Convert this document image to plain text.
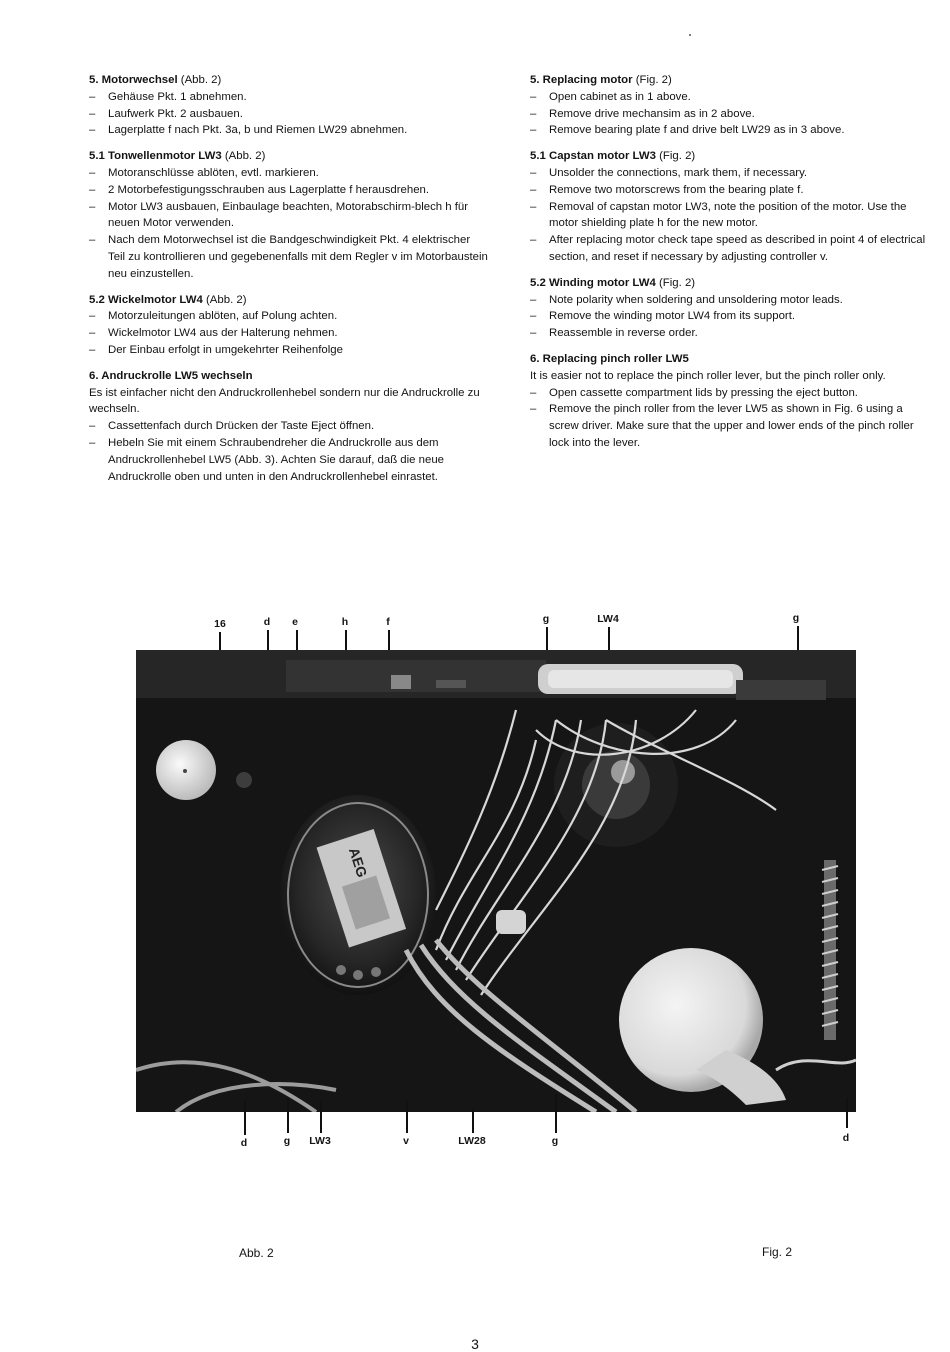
5. Motorwechsel (Abb. 2)
– Gehäuse Pkt. 1 abnehmen.
– Laufwerk Pkt. 2 ausbauen.
– Lagerplatte f nach Pkt. 3a, b und Riemen LW29 abnehmen.
5.1 Tonwellenmotor LW3 (Abb. 2)
– Motoranschlüsse ablöten, evtl. markieren.
– 2 Motorbefestigungsschrauben aus Lagerplatte f herausdrehen.
– Motor LW3 ausbauen, Einbaulage beachten, Motorabschirm-blech h für neuen Motor verwenden.
– Nach dem Motorwechsel ist die Bandgeschwindigkeit Pkt. 4 elektrischer Teil zu kontrollieren und gegebenenfalls mit dem Regler v im Motorbaustein neu einzustellen.
5.2 Wickelmotor LW4 (Abb. 2)
– Motorzuleitungen ablöten, auf Polung achten.
– Wickelmotor LW4 aus der Halterung nehmen.
– Der Einbau erfolgt in umgekehrter Reihenfolge
6. Andruckrolle LW5 wechseln
Es ist einfacher nicht den Andruckrollenhebel sondern nur die Andruckrolle zu wechseln.
– Cassettenfach durch Drücken der Taste Eject öffnen.
– Hebeln Sie mit einem Schraubendreher die Andruckrolle aus dem Andruckrollenhebel LW5 (Abb. 3). Achten Sie darauf, daß die neue Andruckrolle oben und unten in den Andruckrollenhebel einrastet.
5. Replacing motor (Fig. 2)
– Open cabinet as in 1 above.
– Remove drive mechansim as in 2 above.
– Remove bearing plate f and drive belt LW29 as in 3 above.
5.1 Capstan motor LW3 (Fig. 2)
– Unsolder the connections, mark them, if necessary.
– Remove two motorscrews from the bearing plate f.
– Removal of capstan motor LW3, note the position of the motor. Use the motor shielding plate h for the new motor.
– After replacing motor check tape speed as described in point 4 of electrical section, and reset if necessary by adjusting controller v.
5.2 Winding motor LW4 (Fig. 2)
– Note polarity when soldering and unsoldering motor leads.
– Remove the winding motor LW4 from its support.
– Reassemble in reverse order.
6. Replacing pinch roller LW5
It is easier not to replace the pinch roller lever, but the pinch roller only.
– Open cassette compartment lids by pressing the eject button.
– Remove the pinch roller from the lever LW5 as shown in Fig. 6 using a screw driver. Make sure that the upper and lower ends of the pinch roller lock into the lever.
16	d	e	h	f	g	LW4	g
AEG
d	g	LW3	v	LW28	g	d
Abb. 2	Fig. 2
3
